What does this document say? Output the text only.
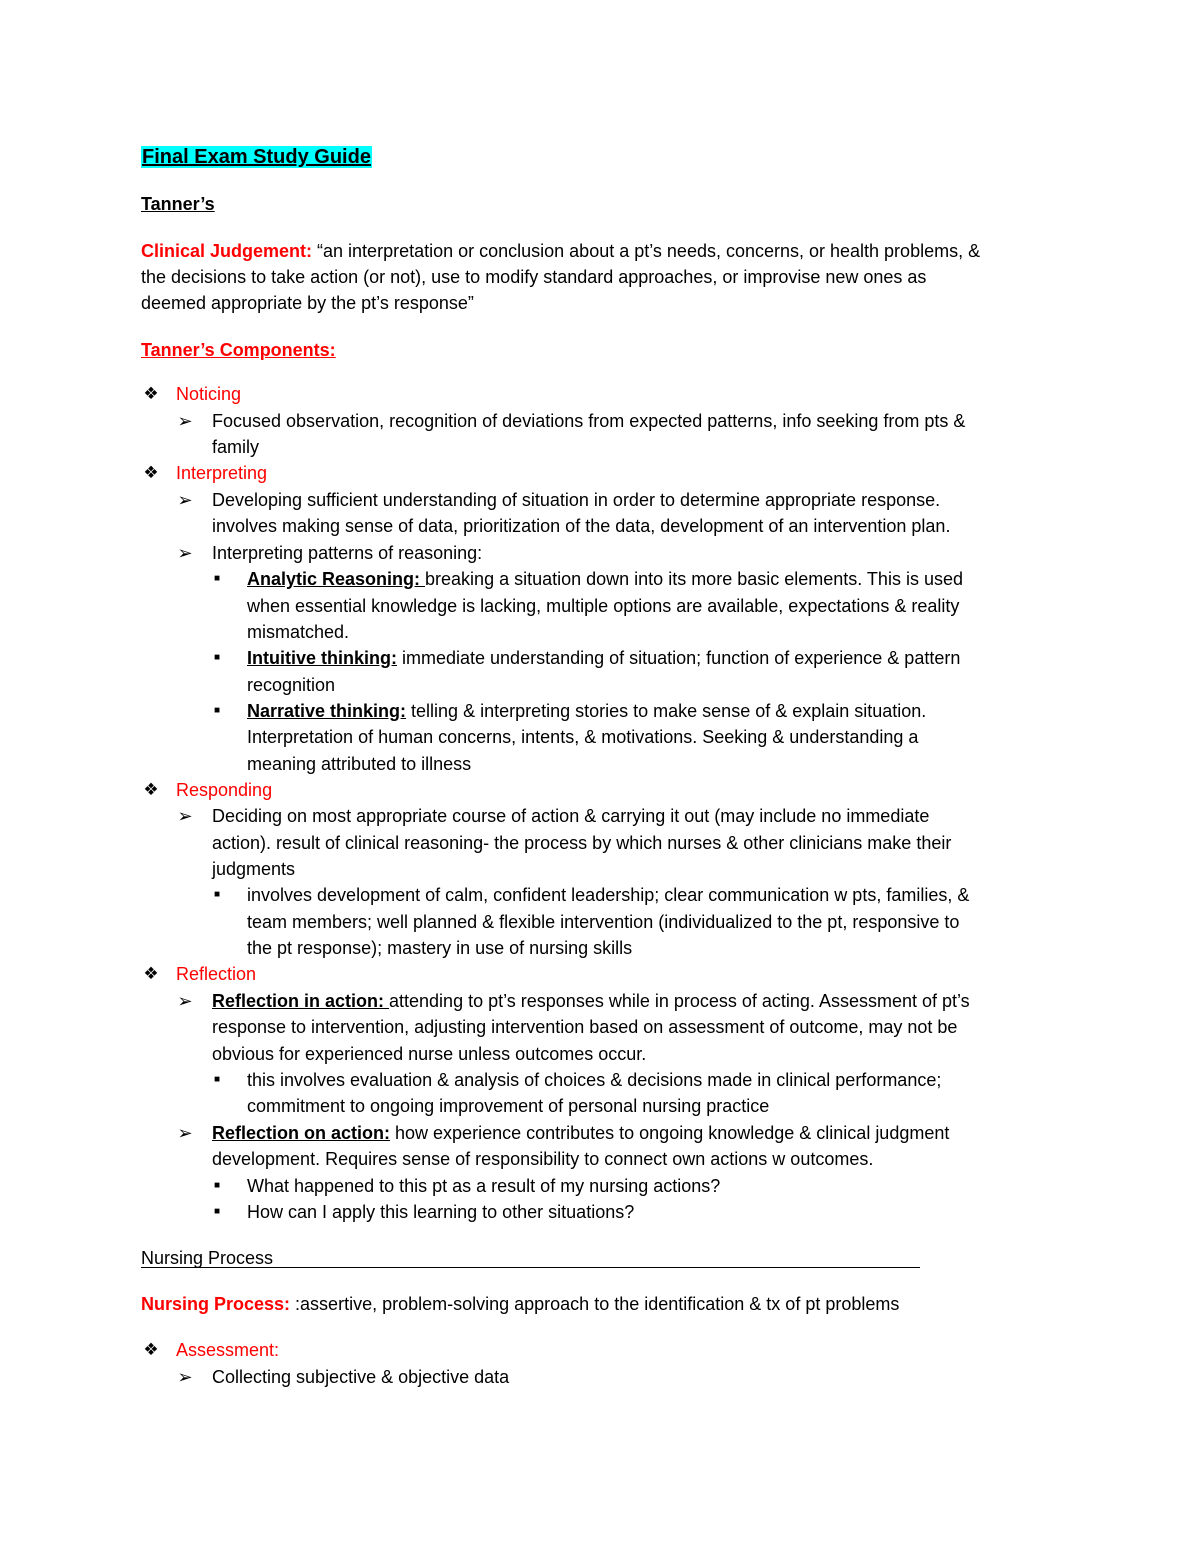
Final Exam Study Guide
Tanner’s
Clinical Judgement: “an interpretation or conclusion about a pt’s needs, concerns, or health problems, &
the decisions to take action (or not), use to modify standard approaches, or improvise new ones as
deemed appropriate by the pt’s response”
Tanner’s Components:
❖ Noticing
➢ Focused observation, recognition of deviations from expected patterns, info seeking from pts &
family
❖ Interpreting
➢ Developing sufficient understanding of situation in order to determine appropriate response.
involves making sense of data, prioritization of the data, development of an intervention plan.
➢ Interpreting patterns of reasoning:
■ Analytic Reasoning: breaking a situation down into its more basic elements. This is used
when essential knowledge is lacking, multiple options are available, expectations & reality
mismatched.
■ Intuitive thinking: immediate understanding of situation; function of experience & pattern
recognition
■ Narrative thinking: telling & interpreting stories to make sense of & explain situation.
Interpretation of human concerns, intents, & motivations. Seeking & understanding a
meaning attributed to illness
❖ Responding
➢ Deciding on most appropriate course of action & carrying it out (may include no immediate
action). result of clinical reasoning- the process by which nurses & other clinicians make their
judgments
■ involves development of calm, confident leadership; clear communication w pts, families, &
team members; well planned & flexible intervention (individualized to the pt, responsive to
the pt response); mastery in use of nursing skills
❖ Reflection
➢ Reflection in action: attending to pt’s responses while in process of acting. Assessment of pt’s
response to intervention, adjusting intervention based on assessment of outcome, may not be
obvious for experienced nurse unless outcomes occur.
■ this involves evaluation & analysis of choices & decisions made in clinical performance;
commitment to ongoing improvement of personal nursing practice
➢ Reflection on action: how experience contributes to ongoing knowledge & clinical judgment
development. Requires sense of responsibility to connect own actions w outcomes.
■ What happened to this pt as a result of my nursing actions?
■ How can I apply this learning to other situations?
Nursing Process
Nursing Process: :assertive, problem-solving approach to the identification & tx of pt problems
❖ Assessment:
➢ Collecting subjective & objective data
